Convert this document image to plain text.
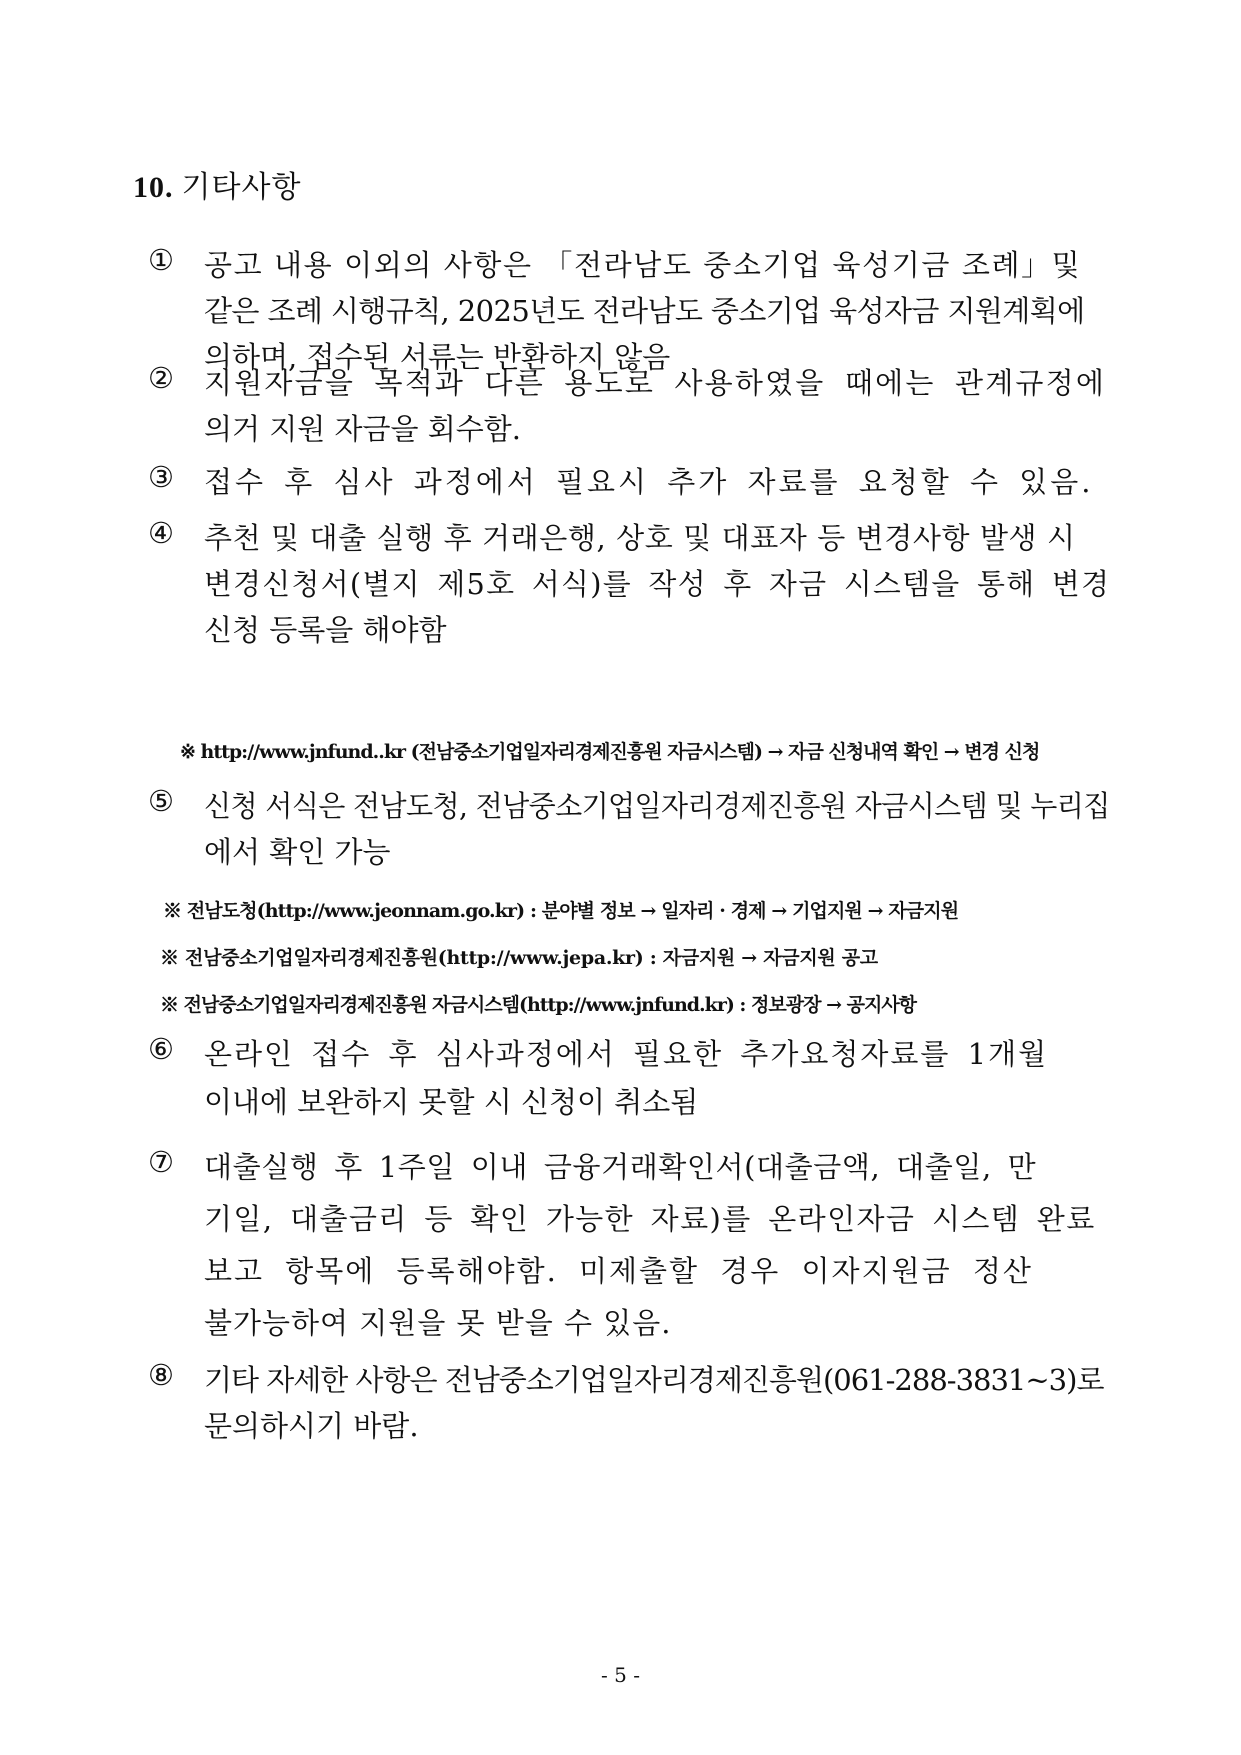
10. 기타사항
①	공고 내용 이외의 사항은 「전라남도 중소기업 육성기금 조례」및
같은 조례 시행규칙, 2025년도 전라남도 중소기업 육성자금 지원계획에
의하며, 접수된 서류는 반환하지 않음
②	지원자금을 목적과 다른 용도로 사용하였을 때에는 관계규정에
의거 지원 자금을 회수함.
③	접수 후 심사 과정에서 필요시 추가 자료를 요청할 수 있음.
④	추천 및 대출 실행 후 거래은행, 상호 및 대표자 등 변경사항 발생 시
변경신청서(별지 제5호 서식)를 작성 후 자금 시스템을 통해 변경
신청 등록을 해야함
※ http://www.jnfund..kr (전남중소기업일자리경제진흥원 자금시스템) → 자금 신청내역 확인 → 변경 신청
⑤	신청 서식은 전남도청, 전남중소기업일자리경제진흥원 자금시스템 및 누리집
에서 확인 가능
※ 전남도청(http://www.jeonnam.go.kr) : 분야별 정보 → 일자리 · 경제 → 기업지원 → 자금지원
※ 전남중소기업일자리경제진흥원(http://www.jepa.kr) : 자금지원 → 자금지원 공고
※ 전남중소기업일자리경제진흥원 자금시스템(http://www.jnfund.kr) : 정보광장 → 공지사항
⑥	온라인 접수 후 심사과정에서 필요한 추가요청자료를 1개월
이내에 보완하지 못할 시 신청이 취소됨
⑦	대출실행 후 1주일 이내 금융거래확인서(대출금액, 대출일, 만
기일, 대출금리 등 확인 가능한 자료)를 온라인자금 시스템 완료
보고 항목에 등록해야함. 미제출할 경우 이자지원금 정산
불가능하여 지원을 못 받을 수 있음.
⑧	기타 자세한 사항은 전남중소기업일자리경제진흥원(061-288-3831~3)로
문의하시기 바람.
- 5 -
